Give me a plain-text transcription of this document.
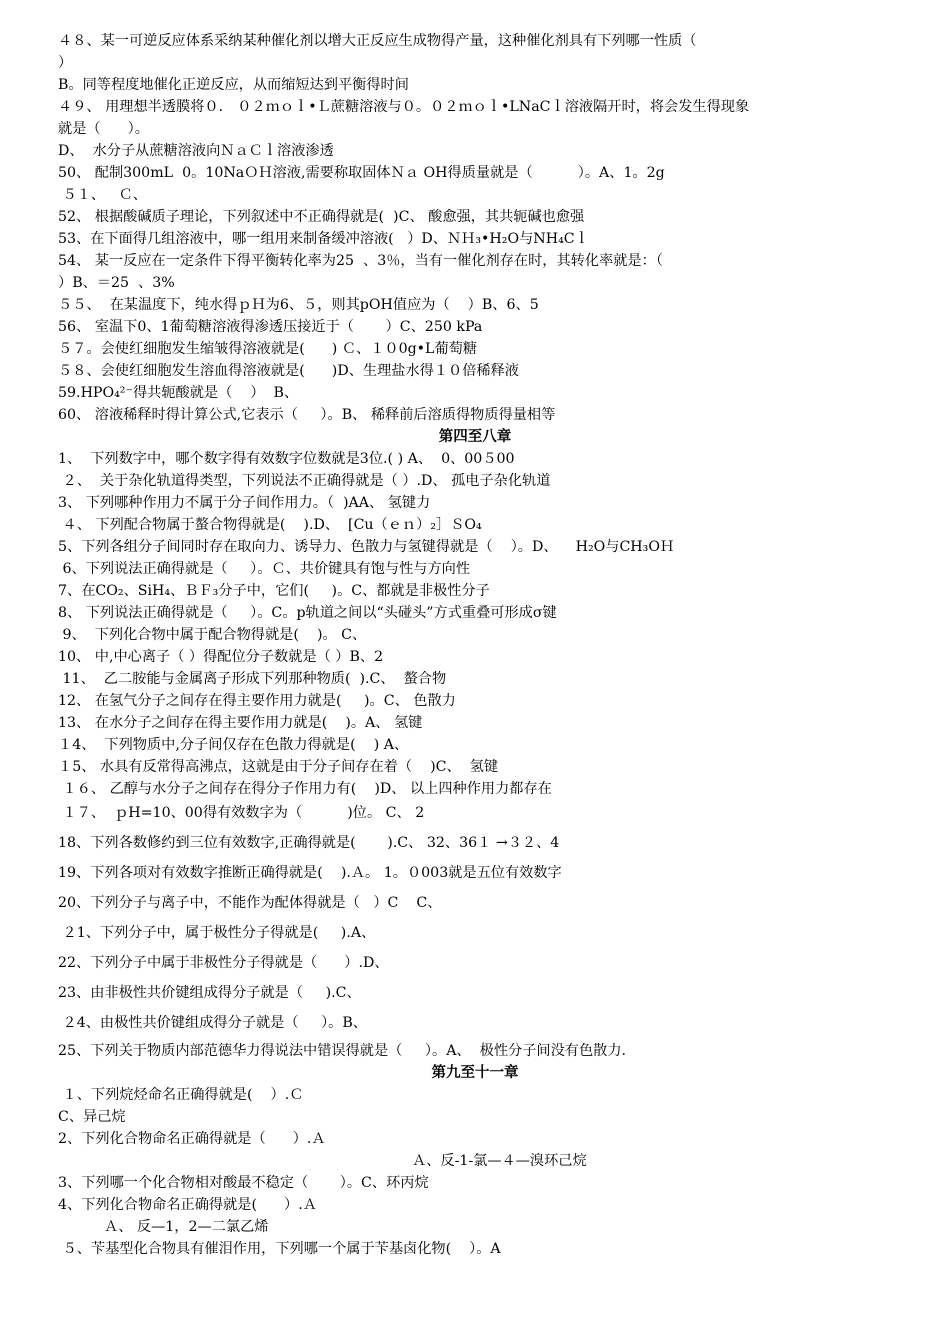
４８、某一可逆反应体系采纳某种催化剂以增大正反应生成物得产量，这种催化剂具有下列哪一性质（
）
B。同等程度地催化正逆反应，从而缩短达到平衡得时间
４９、 用理想半透膜将０． ０２ｍｏｌ•Ｌ蔗糖溶液与０。０２ｍｏｌ•LNaCｌ溶液隔开时，将会发生得现象
就是（      ）。
D、  水分子从蔗糖溶液向ＮａＣｌ溶液渗透
50、 配制300mL  0。10NaＯＨ溶液,需要称取固体Ｎａ OH得质量就是（          ）。A、1。2g
５１、   Ｃ、
52、 根据酸碱质子理论，下列叙述中不正确得就是(  )C、 酸愈强，其共轭碱也愈强
53、在下面得几组溶液中，哪一组用来制备缓冲溶液(   ）D、ＮＨ₃•H₂O与NH₄Cｌ
54、 某一反应在一定条件下得平衡转化率为25  、3％，当有一催化剂存在时，其转化率就是：（
）B、＝25  、3%
５５、  在某温度下，纯水得ｐＨ为6、５，则其pOH值应为（    ）B、6、5
56、 室温下0、1葡萄糖溶液得渗透压接近于（       ）C、250 kPa
５７。会使红细胞发生缩皱得溶液就是(      ) Ｃ、１０0g•L葡萄糖
５８、会使红细胞发生溶血得溶液就是(      )D、生理盐水得１０倍稀释液
59.HPO₄²⁻得共轭酸就是（    ）  B、
60、 溶液稀释时得计算公式,它表示（     ）。B、 稀释前后溶质得物质得量相等
第四至八章
1、  下列数字中，哪个数字得有效数字位数就是3位.( ) A、  0、00５00
２、  关于杂化轨道得类型，下列说法不正确得就是（ ）.D、 孤电子杂化轨道
3、 下列哪种作用力不属于分子间作用力。（  )AA、 氢键力
４、 下列配合物属于螯合物得就是(    ).D、  [Cu（ｅｎ）₂］ＳO₄
5、下列各组分子间同时存在取向力、诱导力、色散力与氢键得就是（    ）。D、    H₂O与CH₃OＨ
6、下列说法正确得就是（     ）。Ｃ、共价键具有饱与性与方向性
7、在CO₂、SiH₄、ＢＦ₃分子中，它们(     )。C、都就是非极性分子
8、 下列说法正确得就是（     ）。C。p轨道之间以“头碰头”方式重叠可形成σ键
9、  下列化合物中属于配合物得就是(    )。 C、
10、 中,中心离子（ ）得配位分子数就是（ ）B、2
11、  乙二胺能与金属离子形成下列那种物质(  ).C、  螯合物
12、 在氢气分子之间存在得主要作用力就是(     )。C、 色散力
13、 在水分子之间存在得主要作用力就是(    )。A、 氢键
１4、  下列物质中,分子间仅存在色散力得就是(    ) A、
１5、 水具有反常得高沸点，这就是由于分子间存在着（    )C、  氢键
１６、 乙醇与水分子之间存在得分子作用力有(    )D、 以上四种作用力都存在
１７、  ｐH=10、00得有效数字为（          )位。 C、 2
18、下列各数修约到三位有效数字,正确得就是(       ).C、 32、36１ →３２、4
19、下列各项对有效数字推断正确得就是(    ).Ａ。 1。０003就是五位有效数字
20、下列分子与离子中，不能作为配体得就是（   ）C    C、
２1、下列分子中，属于极性分子得就是(     ).A、
22、下列分子中属于非极性分子得就是（      ）.D、
23、由非极性共价键组成得分子就是（     ).C、
２4、由极性共价键组成得分子就是（     ）。B、
25、下列关于物质内部范德华力得说法中错误得就是（     ）。A、  极性分子间没有色散力.
第九至十一章
１、下列烷烃命名正确得就是(    ）.Ｃ
C、异己烷
2、下列化合物命名正确得就是（      ）.Ａ
Ａ、反-1-氯—４—溴环己烷
3、下列哪一个化合物相对酸最不稳定（       ）。C、环丙烷
4、下列化合物命名正确得就是(      ）.Ａ
Ａ、 反—1，2—二氯乙烯
５、苄基型化合物具有催泪作用，下列哪一个属于苄基卤化物(    ）。A
